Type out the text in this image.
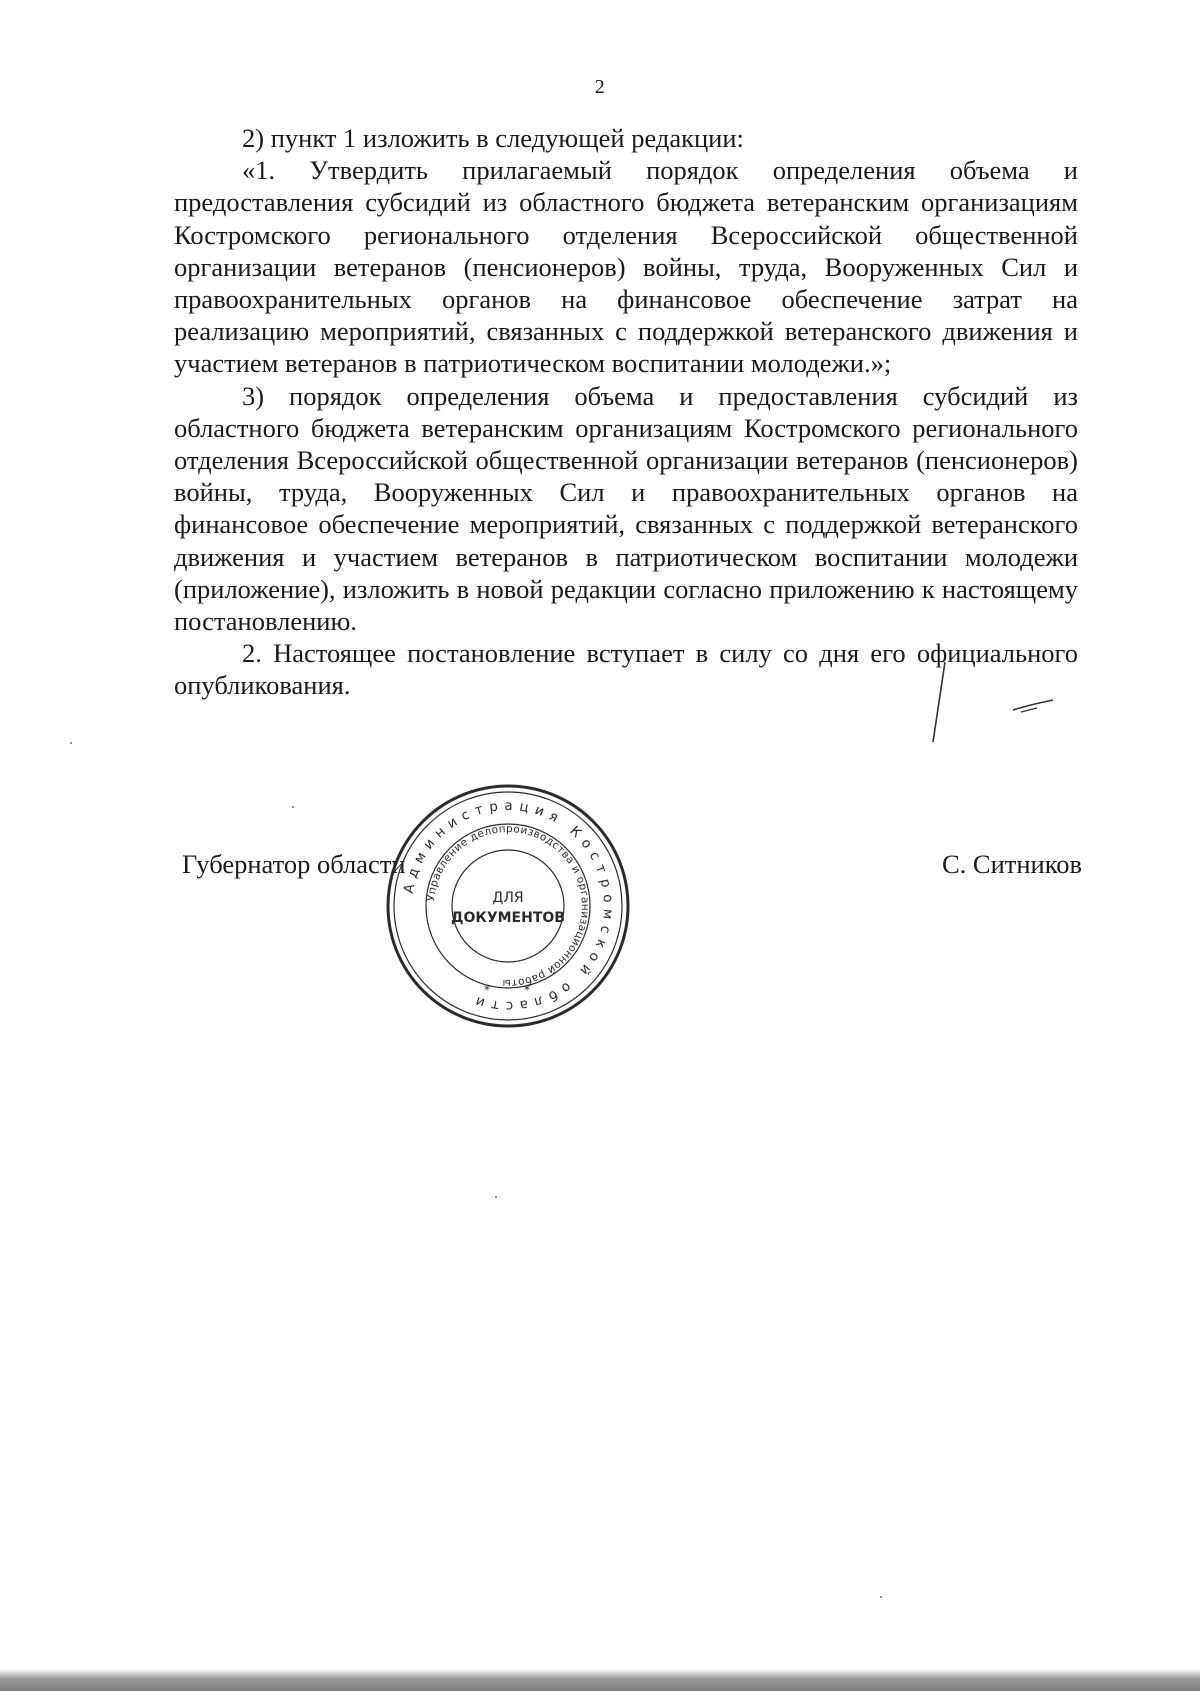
2

2) пункт 1 изложить в следующей редакции:

«1. Утвердить прилагаемый порядок определения объема и предоставления субсидий из областного бюджета ветеранским организациям Костромского регионального отделения Всероссийской общественной организации ветеранов (пенсионеров) войны, труда, Вооруженных Сил и правоохранительных органов на финансовое обеспечение затрат на реализацию мероприятий, связанных с поддержкой ветеранского движения и участием ветеранов в патриотическом воспитании молодежи.»;

3) порядок определения объема и предоставления субсидий из областного бюджета ветеранским организациям Костромского регионального отделения Всероссийской общественной организации ветеранов (пенсионеров) войны, труда, Вооруженных Сил и правоохранительных органов на финансовое обеспечение мероприятий, связанных с поддержкой ветеранского движения и участием ветеранов в патриотическом воспитании молодежи (приложение), изложить в новой редакции согласно приложению к настоящему постановлению.

2. Настоящее постановление вступает в силу со дня его официального опубликования.

Губернатор области	С. Ситников
Администрация Костромской области
Управление делопроизводства и организационной работы
ДЛЯ
ДОКУМЕНТОВ
*	*
